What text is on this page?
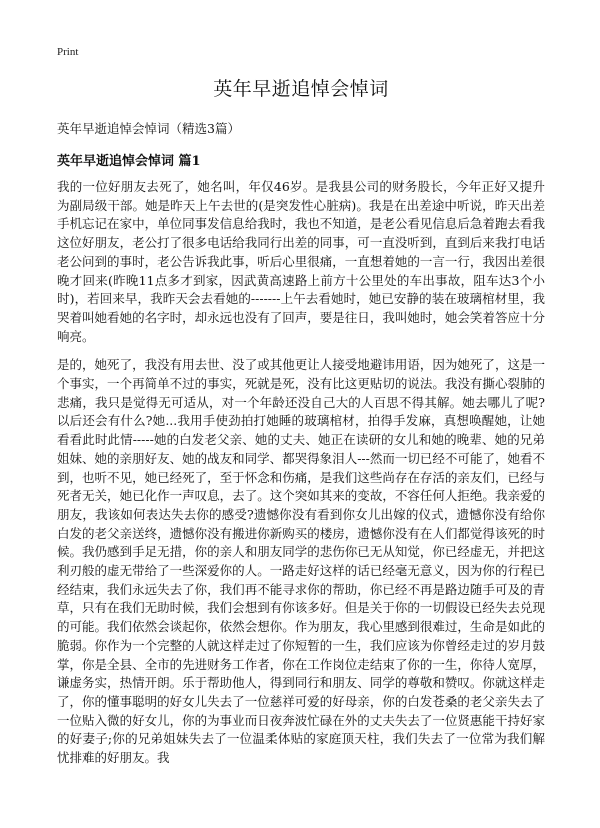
Print
英年早逝追悼会悼词

英年早逝追悼会悼词（精选3篇）

英年早逝追悼会悼词 篇1

我的一位好朋友去死了，她名叫，年仅46岁。是我县公司的财务股长，今年正好又提升为副局级干部。她是昨天上午去世的(是突发性心脏病)。我是在出差途中听说，昨天出差手机忘记在家中，单位同事发信息给我时，我也不知道，是老公看见信息后急着跑去看我这位好朋友，老公打了很多电话给我同行出差的同事，可一直没听到，直到后来我打电话老公问到的事时，老公告诉我此事，听后心里很痛，一直想着她的一言一行，我因出差很晚才回来(昨晚11点多才到家，因武黄高速路上前方十公里处的车出事故，阻车达3个小时)，若回来早，我昨天会去看她的-------上午去看她时，她已安静的装在玻璃棺材里，我哭着叫她看她的名字时，却永远也没有了回声，要是往日，我叫她时，她会笑着答应十分响亮。

是的，她死了，我没有用去世、没了或其他更让人接受地避讳用语，因为她死了，这是一个事实，一个再简单不过的事实，死就是死，没有比这更贴切的说法。我没有撕心裂肺的悲痛，我只是觉得无可适从，对一个年龄还没自己大的人百思不得其解。她去哪儿了呢?以后还会有什么?她...我用手使劲拍打她睡的玻璃棺材，拍得手发麻，真想唤醒她，让她看看此时此情-----她的白发老父亲、她的丈夫、她正在读研的女儿和她的晚辈、她的兄弟姐妹、她的亲朋好友、她的战友和同学、都哭得象泪人---然而一切已经不可能了，她看不到，也听不见，她已经死了，至于怀念和伤痛，是我们这些尚存在存活的亲友们，已经与死者无关，她已化作一声叹息，去了。这个突如其来的变故，不容任何人拒绝。我亲爱的朋友，我该如何表达失去你的感受?遗憾你没有看到你女儿出嫁的仪式，遗憾你没有给你白发的老父亲送终，遗憾你没有搬进你新购买的楼房，遗憾你没有在人们都觉得该死的时候。我仍感到手足无措，你的亲人和朋友同学的悲伤你已无从知觉，你已经虚无，并把这利刃般的虚无带给了一些深爱你的人。一路走好这样的话已经毫无意义，因为你的行程已经结束，我们永远失去了你，我们再不能寻求你的帮助，你已经不再是路边随手可及的青草，只有在我们无助时候，我们会想到有你该多好。但是关于你的一切假设已经失去兑现的可能。我们依然会谈起你，依然会想你。作为朋友，我心里感到很难过，生命是如此的脆弱。你作为一个完整的人就这样走过了你短暂的一生，我们应该为你曾经走过的岁月鼓掌，你是全县、全市的先进财务工作者，你在工作岗位走结束了你的一生，你待人宽厚，谦虚务实，热情开朗。乐于帮助他人，得到同行和朋友、同学的尊敬和赞叹。你就这样走了，你的懂事聪明的好女儿失去了一位慈祥可爱的好母亲，你的白发苍桑的老父亲失去了一位贴入微的好女儿，你的为事业而日夜奔波忙碌在外的丈夫失去了一位贤惠能干持好家的好妻子;你的兄弟姐妹失去了一位温柔体贴的家庭顶天柱，我们失去了一位常为我们解忧排难的好朋友。我
